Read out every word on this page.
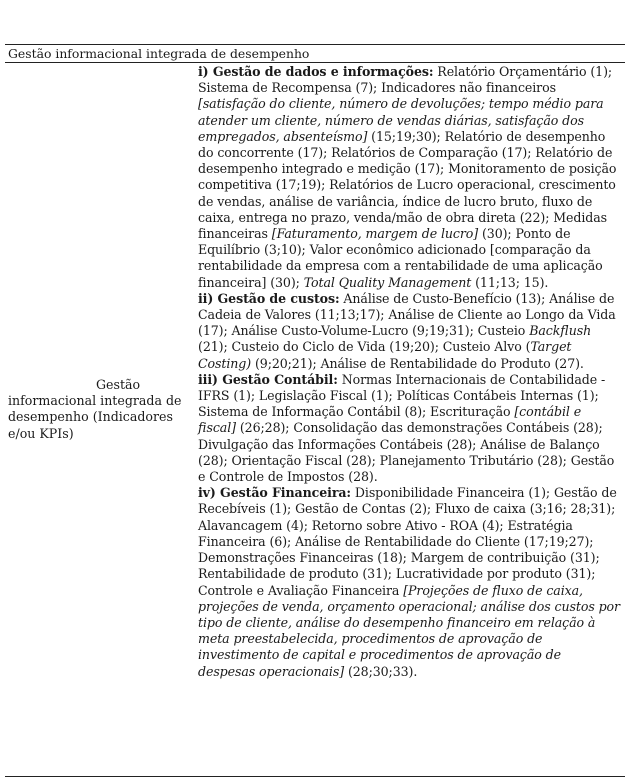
Gestão informacional integrada de desempenho
Gestão informacional integrada de desempenho (Indicadores e/ou KPIs)

i) Gestão de dados e informações: Relatório Orçamentário (1); Sistema de Recompensa (7); Indicadores não financeiros [satisfação do cliente, número de devoluções; tempo médio para atender um cliente, número de vendas diárias, satisfação dos empregados, absenteísmo] (15;19;30); Relatório de desempenho do concorrente (17); Relatórios de Comparação (17); Relatório de desempenho integrado e medição (17); Monitoramento de posição competitiva (17;19); Relatórios de Lucro operacional, crescimento de vendas, análise de variância, índice de lucro bruto, fluxo de caixa, entrega no prazo, venda/mão de obra direta (22); Medidas financeiras [Faturamento, margem de lucro] (30); Ponto de Equilíbrio (3;10); Valor econômico adicionado [comparação da rentabilidade da empresa com a rentabilidade de uma aplicação financeira] (30); Total Quality Management (11;13; 15).

ii) Gestão de custos: Análise de Custo-Benefício (13); Análise de Cadeia de Valores (11;13;17); Análise de Cliente ao Longo da Vida (17); Análise Custo-Volume-Lucro (9;19;31); Custeio Backflush (21); Custeio do Ciclo de Vida (19;20); Custeio Alvo (Target Costing) (9;20;21); Análise de Rentabilidade do Produto (27).

iii) Gestão Contábil: Normas Internacionais de Contabilidade - IFRS (1); Legislação Fiscal (1); Políticas Contábeis Internas (1); Sistema de Informação Contábil (8); Escrituração [contábil e fiscal] (26;28); Consolidação das demonstrações Contábeis (28); Divulgação das Informações Contábeis (28); Análise de Balanço (28); Orientação Fiscal (28); Planejamento Tributário (28); Gestão e Controle de Impostos (28).

iv) Gestão Financeira: Disponibilidade Financeira (1); Gestão de Recebíveis (1); Gestão de Contas (2); Fluxo de caixa (3;16; 28;31); Alavancagem (4); Retorno sobre Ativo - ROA (4); Estratégia Financeira (6); Análise de Rentabilidade do Cliente (17;19;27); Demonstrações Financeiras (18); Margem de contribuição (31); Rentabilidade de produto (31); Lucratividade por produto (31); Controle e Avaliação Financeira [Projeções de fluxo de caixa, projeções de venda, orçamento operacional; análise dos custos por tipo de cliente, análise do desempenho financeiro em relação à meta preestabelecida, procedimentos de aprovação de investimento de capital e procedimentos de aprovação de despesas operacionais] (28;30;33).
